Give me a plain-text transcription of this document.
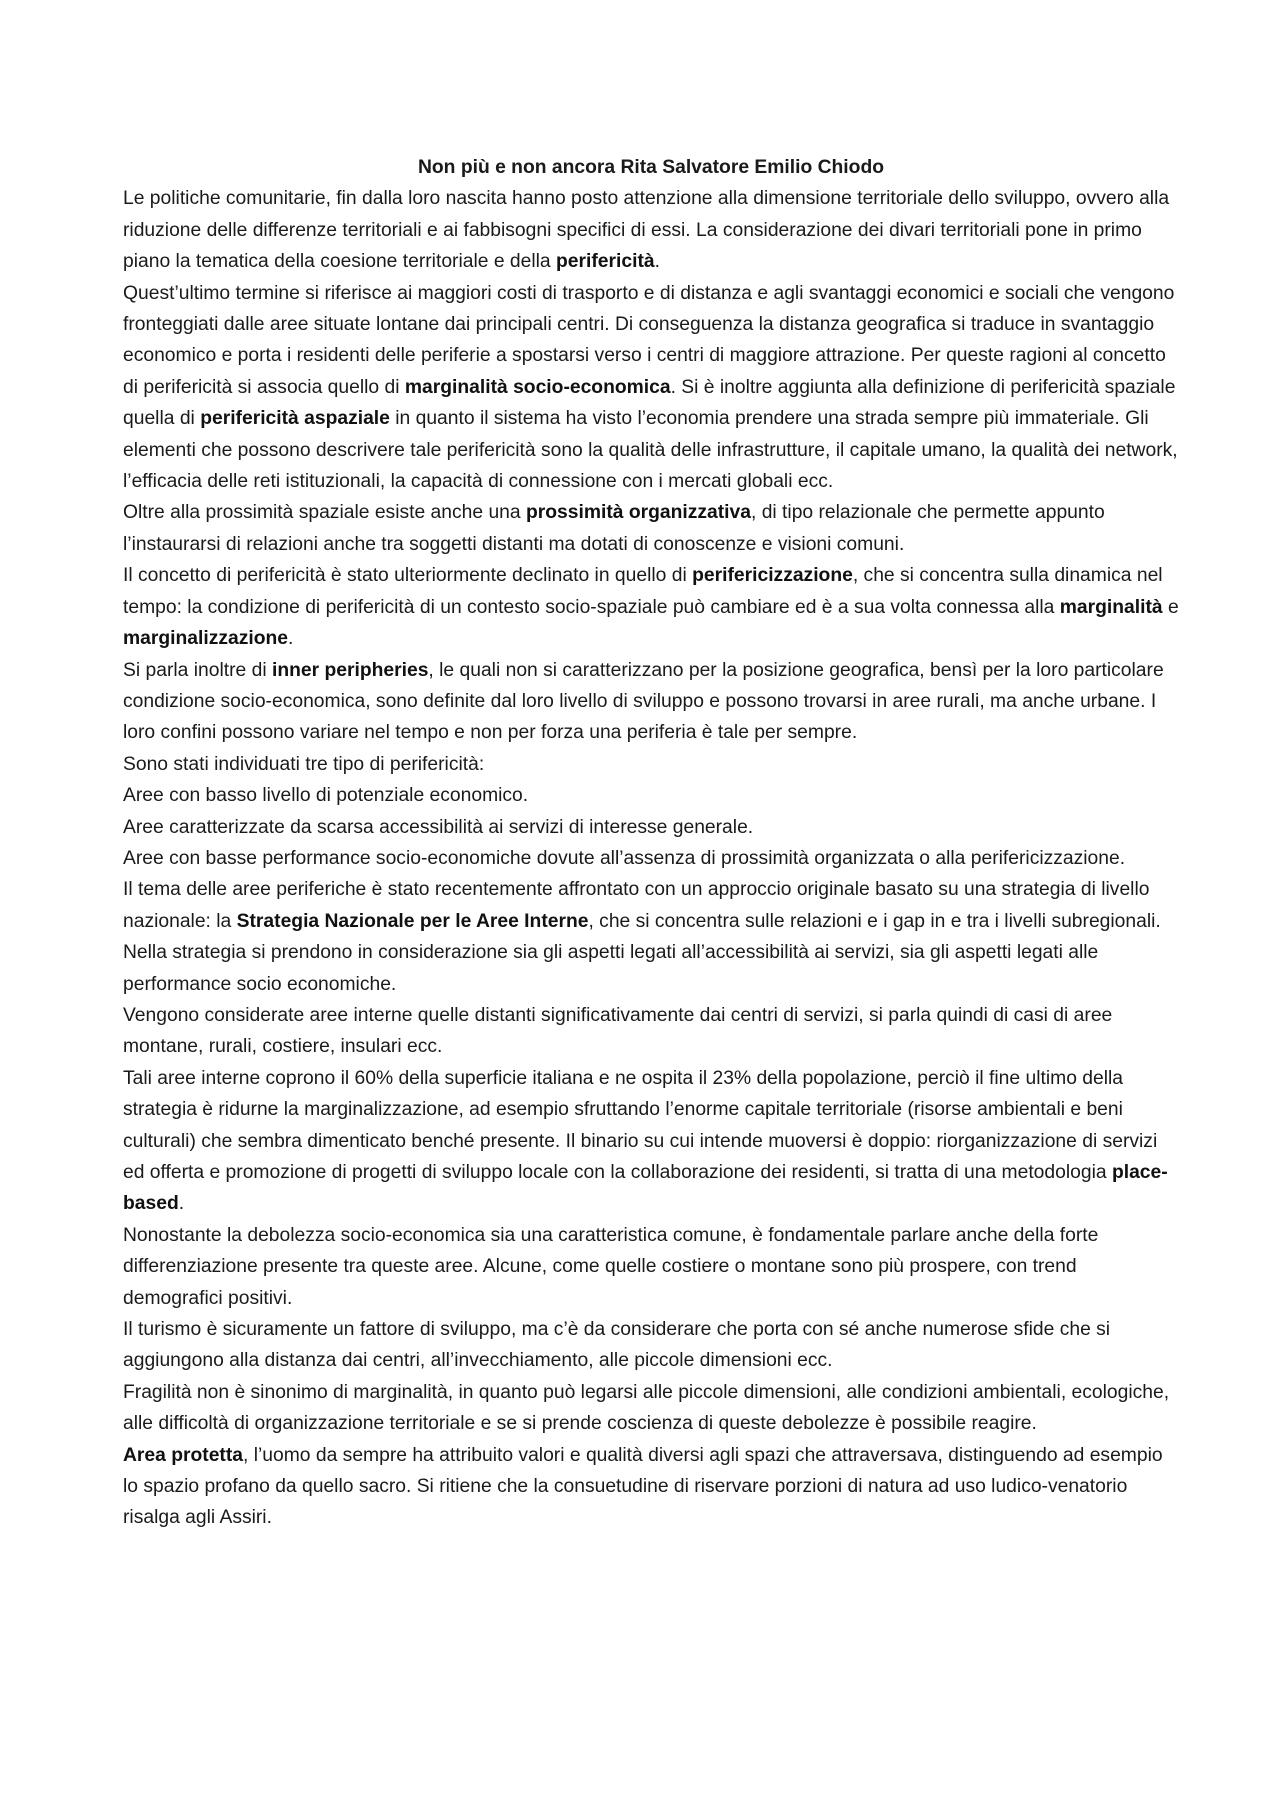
Non più e non ancora Rita Salvatore Emilio Chiodo

Le politiche comunitarie, fin dalla loro nascita hanno posto attenzione alla dimensione territoriale dello sviluppo, ovvero alla riduzione delle differenze territoriali e ai fabbisogni specifici di essi. La considerazione dei divari territoriali pone in primo piano la tematica della coesione territoriale e della perifericità.

Quest’ultimo termine si riferisce ai maggiori costi di trasporto e di distanza e agli svantaggi economici e sociali che vengono fronteggiati dalle aree situate lontane dai principali centri. Di conseguenza la distanza geografica si traduce in svantaggio economico e porta i residenti delle periferie a spostarsi verso i centri di maggiore attrazione. Per queste ragioni al concetto di perifericità si associa quello di marginalità socio-economica. Si è inoltre aggiunta alla definizione di perifericità spaziale quella di perifericità aspaziale in quanto il sistema ha visto l’economia prendere una strada sempre più immateriale. Gli elementi che possono descrivere tale perifericità sono la qualità delle infrastrutture, il capitale umano, la qualità dei network, l’efficacia delle reti istituzionali, la capacità di connessione con i mercati globali ecc.

Oltre alla prossimità spaziale esiste anche una prossimità organizzativa, di tipo relazionale che permette appunto l’instaurarsi di relazioni anche tra soggetti distanti ma dotati di conoscenze e visioni comuni.

Il concetto di perifericità è stato ulteriormente declinato in quello di perifericizzazione, che si concentra sulla dinamica nel tempo: la condizione di perifericità di un contesto socio-spaziale può cambiare ed è a sua volta connessa alla marginalità e marginalizzazione.

Si parla inoltre di inner peripheries, le quali non si caratterizzano per la posizione geografica, bensì per la loro particolare condizione socio-economica, sono definite dal loro livello di sviluppo e possono trovarsi in aree rurali, ma anche urbane. I loro confini possono variare nel tempo e non per forza una periferia è tale per sempre.

Sono stati individuati tre tipo di perifericità:

Aree con basso livello di potenziale economico.

Aree caratterizzate da scarsa accessibilità ai servizi di interesse generale.

Aree con basse performance socio-economiche dovute all’assenza di prossimità organizzata o alla perifericizzazione.

Il tema delle aree periferiche è stato recentemente affrontato con un approccio originale basato su una strategia di livello nazionale: la Strategia Nazionale per le Aree Interne, che si concentra sulle relazioni e i gap in e tra i livelli subregionali. Nella strategia si prendono in considerazione sia gli aspetti legati all’accessibilità ai servizi, sia gli aspetti legati alle performance socio economiche.

Vengono considerate aree interne quelle distanti significativamente dai centri di servizi, si parla quindi di casi di aree montane, rurali, costiere, insulari ecc.

Tali aree interne coprono il 60% della superficie italiana e ne ospita il 23% della popolazione, perciò il fine ultimo della strategia è ridurne la marginalizzazione, ad esempio sfruttando l’enorme capitale territoriale (risorse ambientali e beni culturali) che sembra dimenticato benché presente. Il binario su cui intende muoversi è doppio: riorganizzazione di servizi ed offerta e promozione di progetti di sviluppo locale con la collaborazione dei residenti, si tratta di una metodologia place-based.

Nonostante la debolezza socio-economica sia una caratteristica comune, è fondamentale parlare anche della forte differenziazione presente tra queste aree. Alcune, come quelle costiere o montane sono più prospere, con trend demografici positivi.

Il turismo è sicuramente un fattore di sviluppo, ma c’è da considerare che porta con sé anche numerose sfide che si aggiungono alla distanza dai centri, all’invecchiamento, alle piccole dimensioni ecc.

Fragilità non è sinonimo di marginalità, in quanto può legarsi alle piccole dimensioni, alle condizioni ambientali, ecologiche, alle difficoltà di organizzazione territoriale e se si prende coscienza di queste debolezze è possibile reagire.

Area protetta, l’uomo da sempre ha attribuito valori e qualità diversi agli spazi che attraversava, distinguendo ad esempio lo spazio profano da quello sacro. Si ritiene che la consuetudine di riservare porzioni di natura ad uso ludico-venatorio risalga agli Assiri.
